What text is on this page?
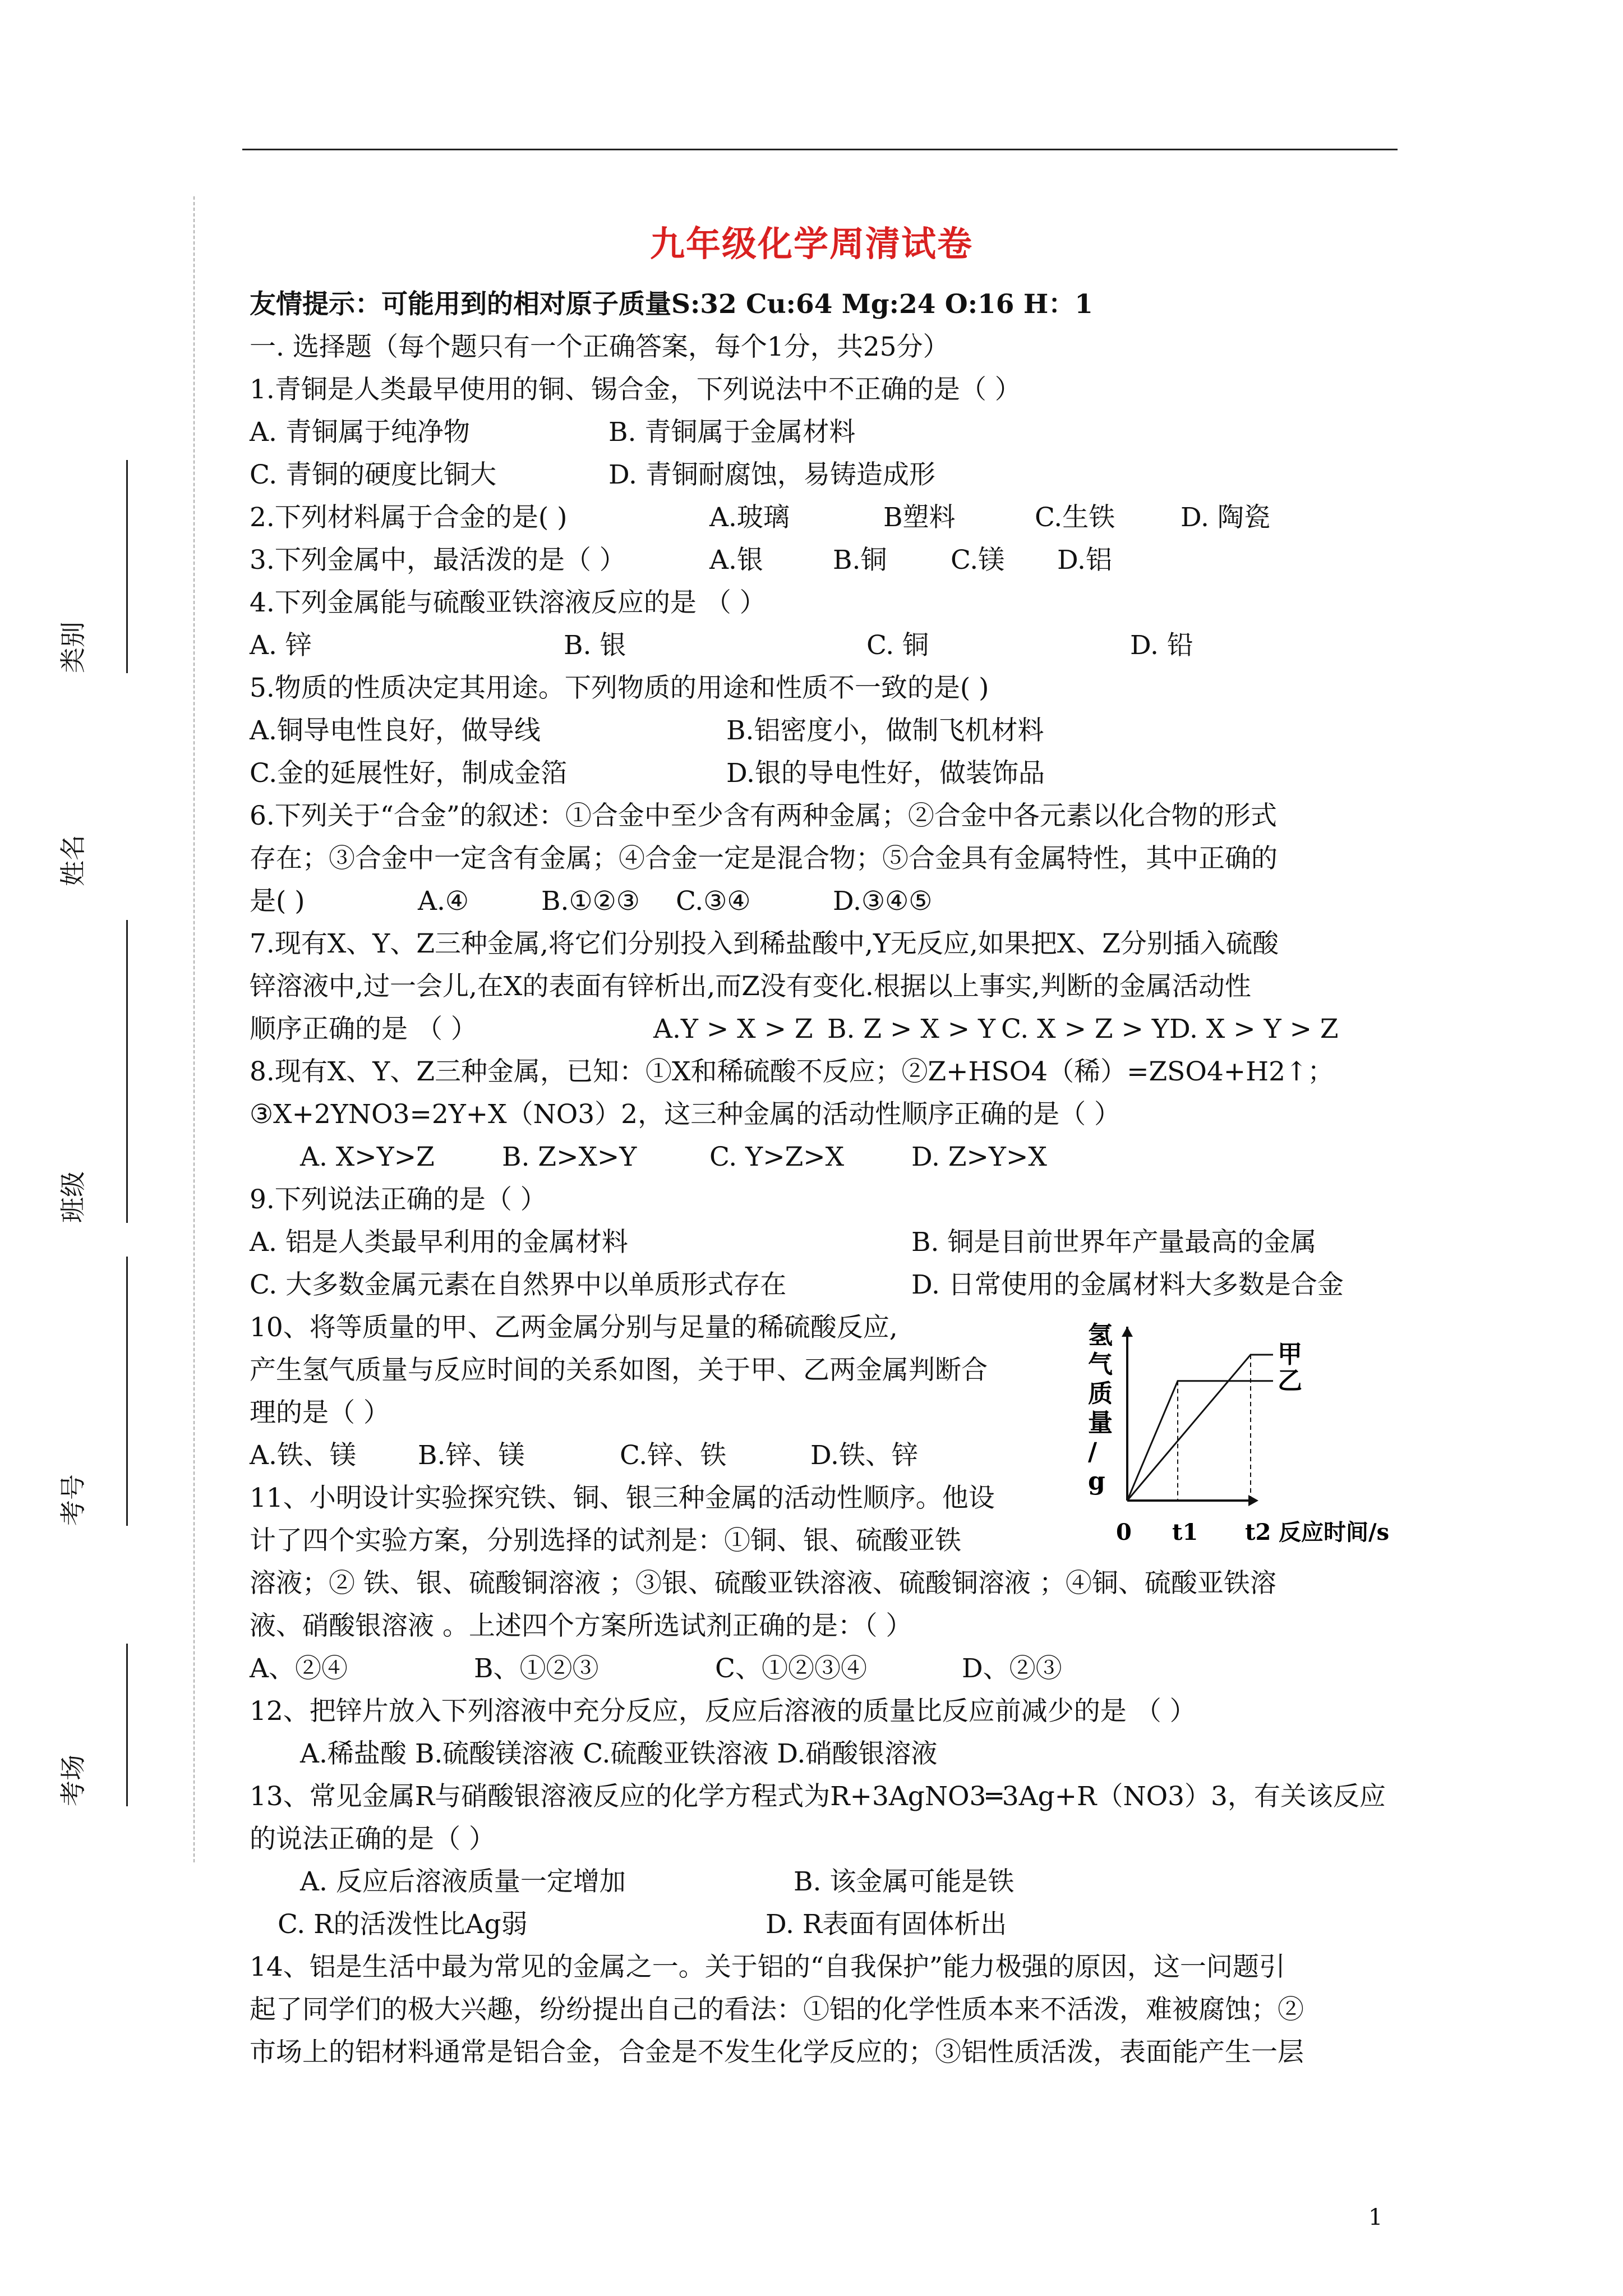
类别
姓名
班级
考号
考场
九年级化学周清试卷
友情提示：可能用到的相对原子质量S:32 Cu:64 Mg:24 O:16 H：1
一. 选择题（每个题只有一个正确答案，每个1分，共25分）
1.青铜是人类最早使用的铜、锡合金，下列说法中不正确的是（ ）
A. 青铜属于纯净物	B. 青铜属于金属材料
C. 青铜的硬度比铜大	D. 青铜耐腐蚀，易铸造成形
2.下列材料属于合金的是( )	A.玻璃	B塑料	C.生铁 D. 陶瓷
3.下列金属中，最活泼的是（ ）	A.银	B.铜 C.镁 D.铝
4.下列金属能与硫酸亚铁溶液反应的是 （ ）
A. 锌	B. 银	C. 铜	D. 铅
5.物质的性质决定其用途。下列物质的用途和性质不一致的是( )
A.铜导电性良好，做导线	B.铝密度小，做制飞机材料
C.金的延展性好，制成金箔	D.银的导电性好，做装饰品
6.下列关于“合金”的叙述：①合金中至少含有两种金属；②合金中各元素以化合物的形式
存在；③合金中一定含有金属；④合金一定是混合物；⑤合金具有金属特性，其中正确的
是( )	A.④	B.①②③ C.③④	D.③④⑤
7.现有X、Y、Z三种金属,将它们分别投入到稀盐酸中,Y无反应,如果把X、Z分别插入硫酸
锌溶液中,过一会儿,在X的表面有锌析出,而Z没有变化.根据以上事实,判断的金属活动性
顺序正确的是 （ ）	A.Y > X > Z B. Z > X > Y C. X > Z > Y D. X > Y > Z
8.现有X、Y、Z三种金属，已知：①X和稀硫酸不反应；②Z+HSO4（稀）=ZSO4+H2↑；
③X+2YNO3=2Y+X（NO3）2，这三种金属的活动性顺序正确的是（ ）
A. X>Y>Z	B. Z>X>Y	C. Y>Z>X	D. Z>Y>X
9.下列说法正确的是（ ）
A. 铝是人类最早利用的金属材料	B. 铜是目前世界年产量最高的金属
C. 大多数金属元素在自然界中以单质形式存在	D. 日常使用的金属材料大多数是合金
10、将等质量的甲、乙两金属分别与足量的稀硫酸反应,
产生氢气质量与反应时间的关系如图，关于甲、乙两金属判断合
理的是（ ）
A.铁、镁 B.锌、镁	C.锌、铁	D.铁、锌
11、小明设计实验探究铁、铜、银三种金属的活动性顺序。他设
计了四个实验方案，分别选择的试剂是：①铜、银、硫酸亚铁
溶液；② 铁、银、硫酸铜溶液 ；③银、硫酸亚铁溶液、硫酸铜溶液 ；④铜、硫酸亚铁溶
液、硝酸银溶液 。上述四个方案所选试剂正确的是：（ ）
A、②④	B、①②③	C、①②③④	D、②③
12、把锌片放入下列溶液中充分反应，反应后溶液的质量比反应前减少的是 （ ）
A.稀盐酸 B.硫酸镁溶液 C.硫酸亚铁溶液 D.硝酸银溶液
13、常见金属R与硝酸银溶液反应的化学方程式为R+3AgNO3═3Ag+R（NO3）3，有关该反应
的说法正确的是（ ）
A. 反应后溶液质量一定增加	B. 该金属可能是铁
C. R的活泼性比Ag弱	D. R表面有固体析出
14、铝是生活中最为常见的金属之一。关于铝的“自我保护”能力极强的原因，这一问题引
起了同学们的极大兴趣，纷纷提出自己的看法：①铝的化学性质本来不活泼，难被腐蚀；②
市场上的铝材料通常是铝合金，合金是不发生化学反应的；③铝性质活泼，表面能产生一层
甲
乙
0 t1 t2 反应时间/s
氢
气
质
量
/
g
1
